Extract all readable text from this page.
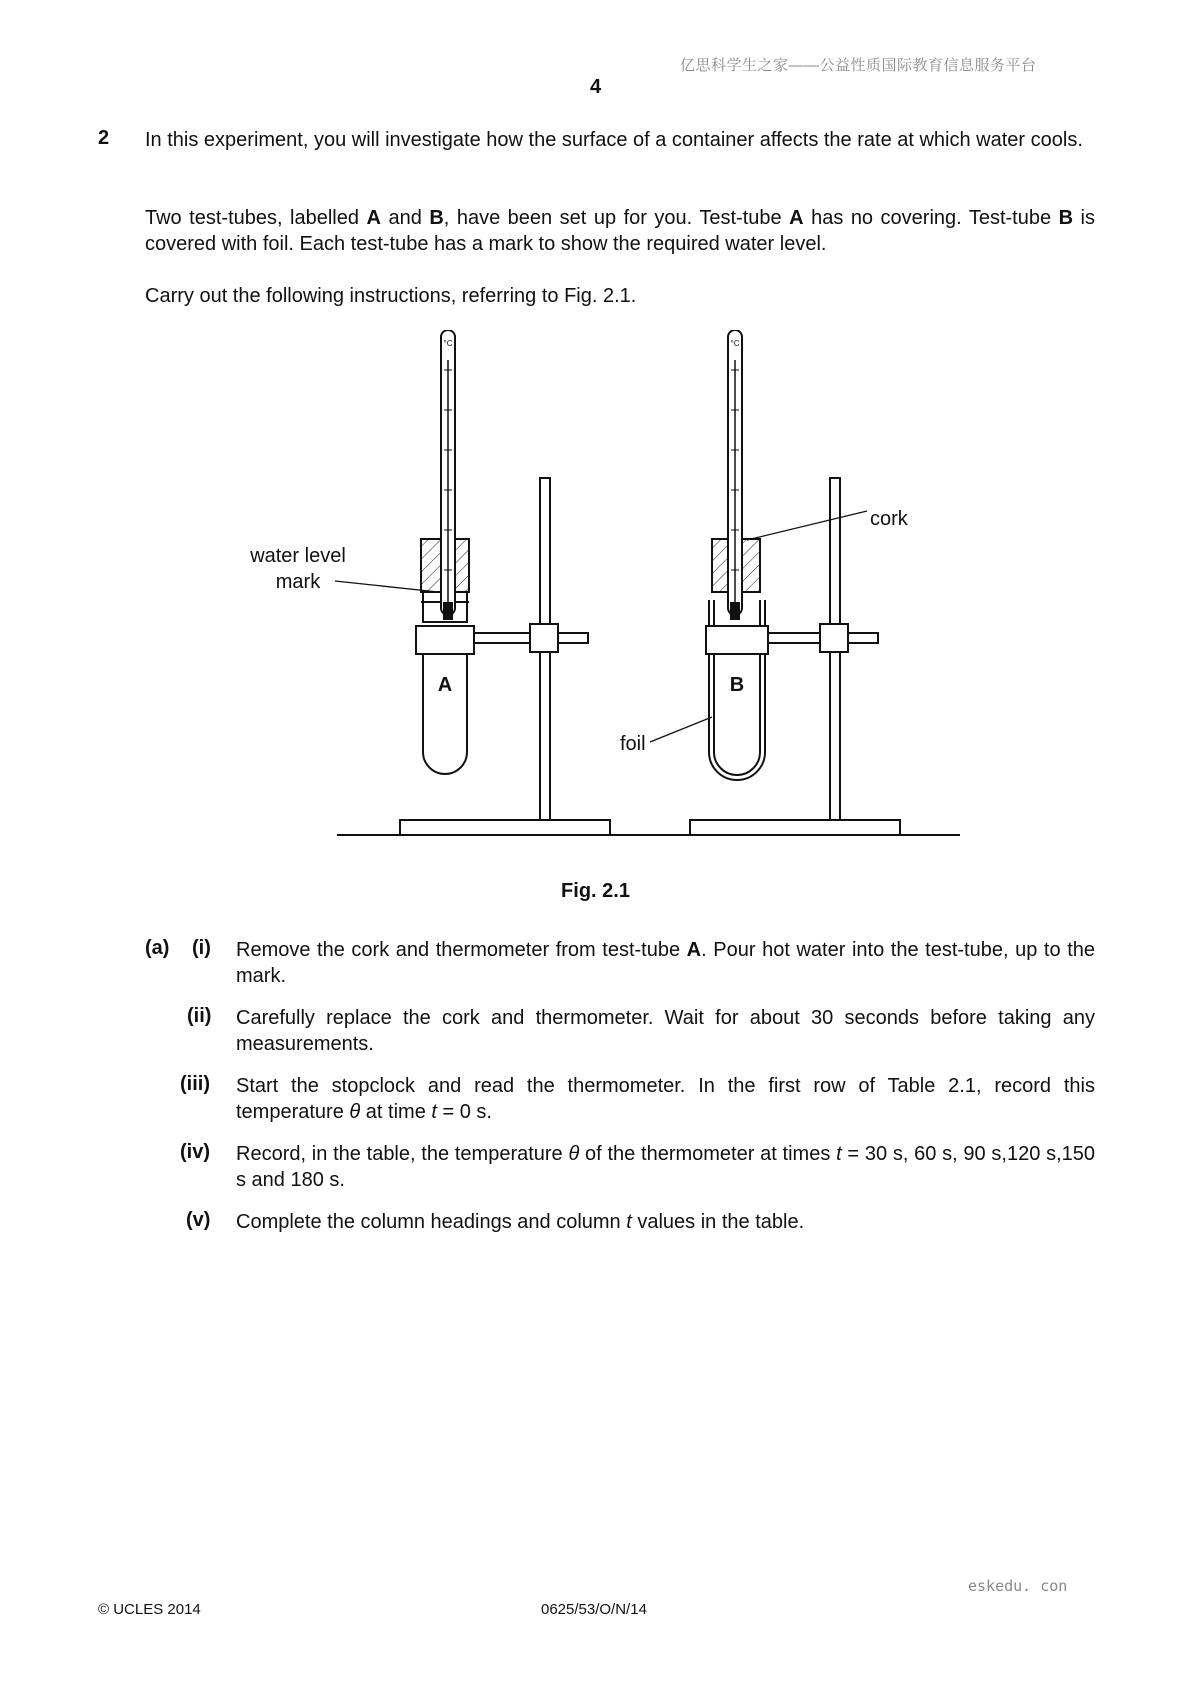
亿思科学生之家——公益性质国际教育信息服务平台
4
2 In this experiment, you will investigate how the surface of a container affects the rate at which water cools.
Two test-tubes, labelled A and B, have been set up for you. Test-tube A has no covering. Test-tube B is covered with foil. Each test-tube has a mark to show the required water level.
Carry out the following instructions, referring to Fig. 2.1.
water level
mark
cork
foil
A	B
°C	°C
Fig. 2.1
(a) (i) Remove the cork and thermometer from test-tube A. Pour hot water into the test-tube, up to the mark.
(ii) Carefully replace the cork and thermometer. Wait for about 30 seconds before taking any measurements.
(iii) Start the stopclock and read the thermometer. In the first row of Table 2.1, record this temperature θ at time t = 0 s.
(iv) Record, in the table, the temperature θ of the thermometer at times t = 30 s, 60 s, 90 s,120 s,150 s and 180 s.
(v) Complete the column headings and column t values in the table.
eskedu. con
© UCLES 2014	0625/53/O/N/14
